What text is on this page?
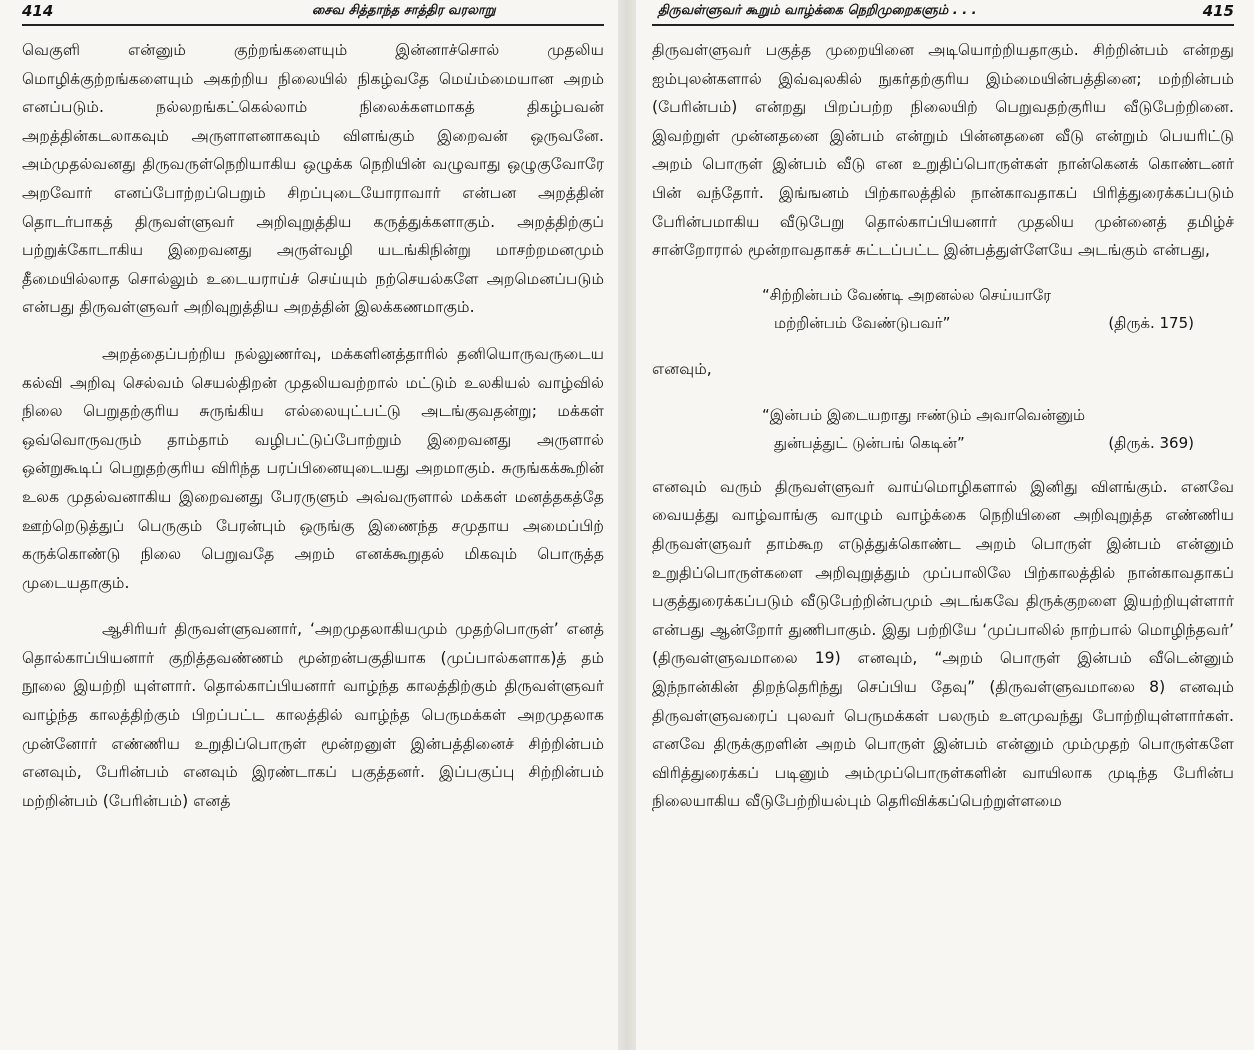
414	சைவ சித்தாந்த சாத்திர வரலாறு

வெகுளி என்னும் குற்றங்களையும் இன்னாச்சொல் முதலிய மொழிக்குற்றங்களையும் அகற்றிய நிலையில் நிகழ்வதே மெய்ம்மையான அறம் எனப்படும். நல்லறங்கட்கெல்லாம் நிலைக்களமாகத் திகழ்பவன் அறத்தின்கடலாகவும் அருளாளனாகவும் விளங்கும் இறைவன் ஒருவனே. அம்முதல்வனது திருவருள்நெறியாகிய ஒழுக்க நெறியின் வழுவாது ஒழுகுவோரே அறவோர் எனப்போற்றப்பெறும் சிறப்புடையோராவார் என்பன அறத்தின் தொடர்பாகத் திருவள்ளுவர் அறிவுறுத்திய கருத்துக்களாகும். அறத்திற்குப் பற்றுக்கோடாகிய இறைவனது அருள்வழி யடங்கிநின்று மாசற்றமனமும் தீமையில்லாத சொல்லும் உடையராய்ச் செய்யும் நற்செயல்களே அறமெனப்படும் என்பது திருவள்ளுவர் அறிவுறுத்திய அறத்தின் இலக்கணமாகும்.

அறத்தைப்பற்றிய நல்லுணர்வு, மக்களினத்தாரில் தனியொருவருடைய கல்வி அறிவு செல்வம் செயல்திறன் முதலியவற்றால் மட்டும் உலகியல் வாழ்வில் நிலை பெறுதற்குரிய சுருங்கிய எல்லையுட்பட்டு அடங்குவதன்று; மக்கள் ஒவ்வொருவரும் தாம்தாம் வழிபட்டுப்போற்றும் இறைவனது அருளால் ஒன்றுகூடிப் பெறுதற்குரிய விரிந்த பரப்பினையுடையது அறமாகும். சுருங்கக்கூறின் உலக முதல்வனாகிய இறைவனது பேரருளும் அவ்வருளால் மக்கள் மனத்தகத்தே ஊற்றெடுத்துப் பெருகும் பேரன்பும் ஒருங்கு இணைந்த சமுதாய அமைப்பிற் கருக்கொண்டு நிலை பெறுவதே அறம் எனக்கூறுதல் மிகவும் பொருத்த முடையதாகும்.

ஆசிரியர் திருவள்ளுவனார், ‘அறமுதலாகியமும் முதற்பொருள்’ எனத் தொல்காப்பியனார் குறித்தவண்ணம் மூன்றன்பகுதியாக (முப்பால்களாக)த் தம் நூலை இயற்றி யுள்ளார். தொல்காப்பியனார் வாழ்ந்த காலத்திற்கும் திருவள்ளுவர் வாழ்ந்த காலத்திற்கும் பிறப்பட்ட காலத்தில் வாழ்ந்த பெருமக்கள் அறமுதலாக முன்னோர் எண்ணிய உறுதிப்பொருள் மூன்றனுள் இன்பத்தினைச் சிற்றின்பம் எனவும், பேரின்பம் எனவும் இரண்டாகப் பகுத்தனர். இப்பகுப்பு சிற்றின்பம் மற்றின்பம் (பேரின்பம்) எனத்

திருவள்ளுவர் கூறும் வாழ்க்கை நெறிமுறைகளும் . . .	415

திருவள்ளுவர் பகுத்த முறையினை அடியொற்றியதாகும். சிற்றின்பம் என்றது ஐம்புலன்களால் இவ்வுலகில் நுகர்தற்குரிய இம்மையின்பத்தினை; மற்றின்பம் (பேரின்பம்) என்றது பிறப்பற்ற நிலையிற் பெறுவதற்குரிய வீடுபேற்றினை. இவற்றுள் முன்னதனை இன்பம் என்றும் பின்னதனை வீடு என்றும் பெயரிட்டு அறம் பொருள் இன்பம் வீடு என உறுதிப்பொருள்கள் நான்கெனக் கொண்டனர் பின் வந்தோர். இங்ஙனம் பிற்காலத்தில் நான்காவதாகப் பிரித்துரைக்கப்படும் பேரின்பமாகிய வீடுபேறு தொல்காப்பியனார் முதலிய முன்னைத் தமிழ்ச் சான்றோரால் மூன்றாவதாகச் சுட்டப்பட்ட இன்பத்துள்ளேயே அடங்கும் என்பது,

“சிற்றின்பம் வேண்டி அறனல்ல செய்யாரே
மற்றின்பம் வேண்டுபவர்”	(திருக். 175)
எனவும்,
“இன்பம் இடையறாது ஈண்டும் அவாவென்னும்
துன்பத்துட் டுன்பங் கெடின்”	(திருக். 369)

எனவும் வரும் திருவள்ளுவர் வாய்மொழிகளால் இனிது விளங்கும். எனவே வையத்து வாழ்வாங்கு வாழும் வாழ்க்கை நெறியினை அறிவுறுத்த எண்ணிய திருவள்ளுவர் தாம்கூற எடுத்துக்கொண்ட அறம் பொருள் இன்பம் என்னும் உறுதிப்பொருள்களை அறிவுறுத்தும் முப்பாலிலே பிற்காலத்தில் நான்காவதாகப் பகுத்துரைக்கப்படும் வீடுபேற்றின்பமும் அடங்கவே திருக்குறளை இயற்றியுள்ளார் என்பது ஆன்றோர் துணிபாகும். இது பற்றியே ‘முப்பாலில் நாற்பால் மொழிந்தவர்’ (திருவள்ளுவமாலை 19) எனவும், “அறம் பொருள் இன்பம் வீடென்னும் இந்நான்கின் திறந்தெரிந்து செப்பிய தேவு” (திருவள்ளுவமாலை 8) எனவும் திருவள்ளுவரைப் புலவர் பெருமக்கள் பலரும் உளமுவந்து போற்றியுள்ளார்கள். எனவே திருக்குறளின் அறம் பொருள் இன்பம் என்னும் மும்முதற் பொருள்களே விரித்துரைக்கப் படினும் அம்முப்பொருள்களின் வாயிலாக முடிந்த பேரின்ப நிலையாகிய வீடுபேற்றியல்பும் தெரிவிக்கப்பெற்றுள்ளமை
